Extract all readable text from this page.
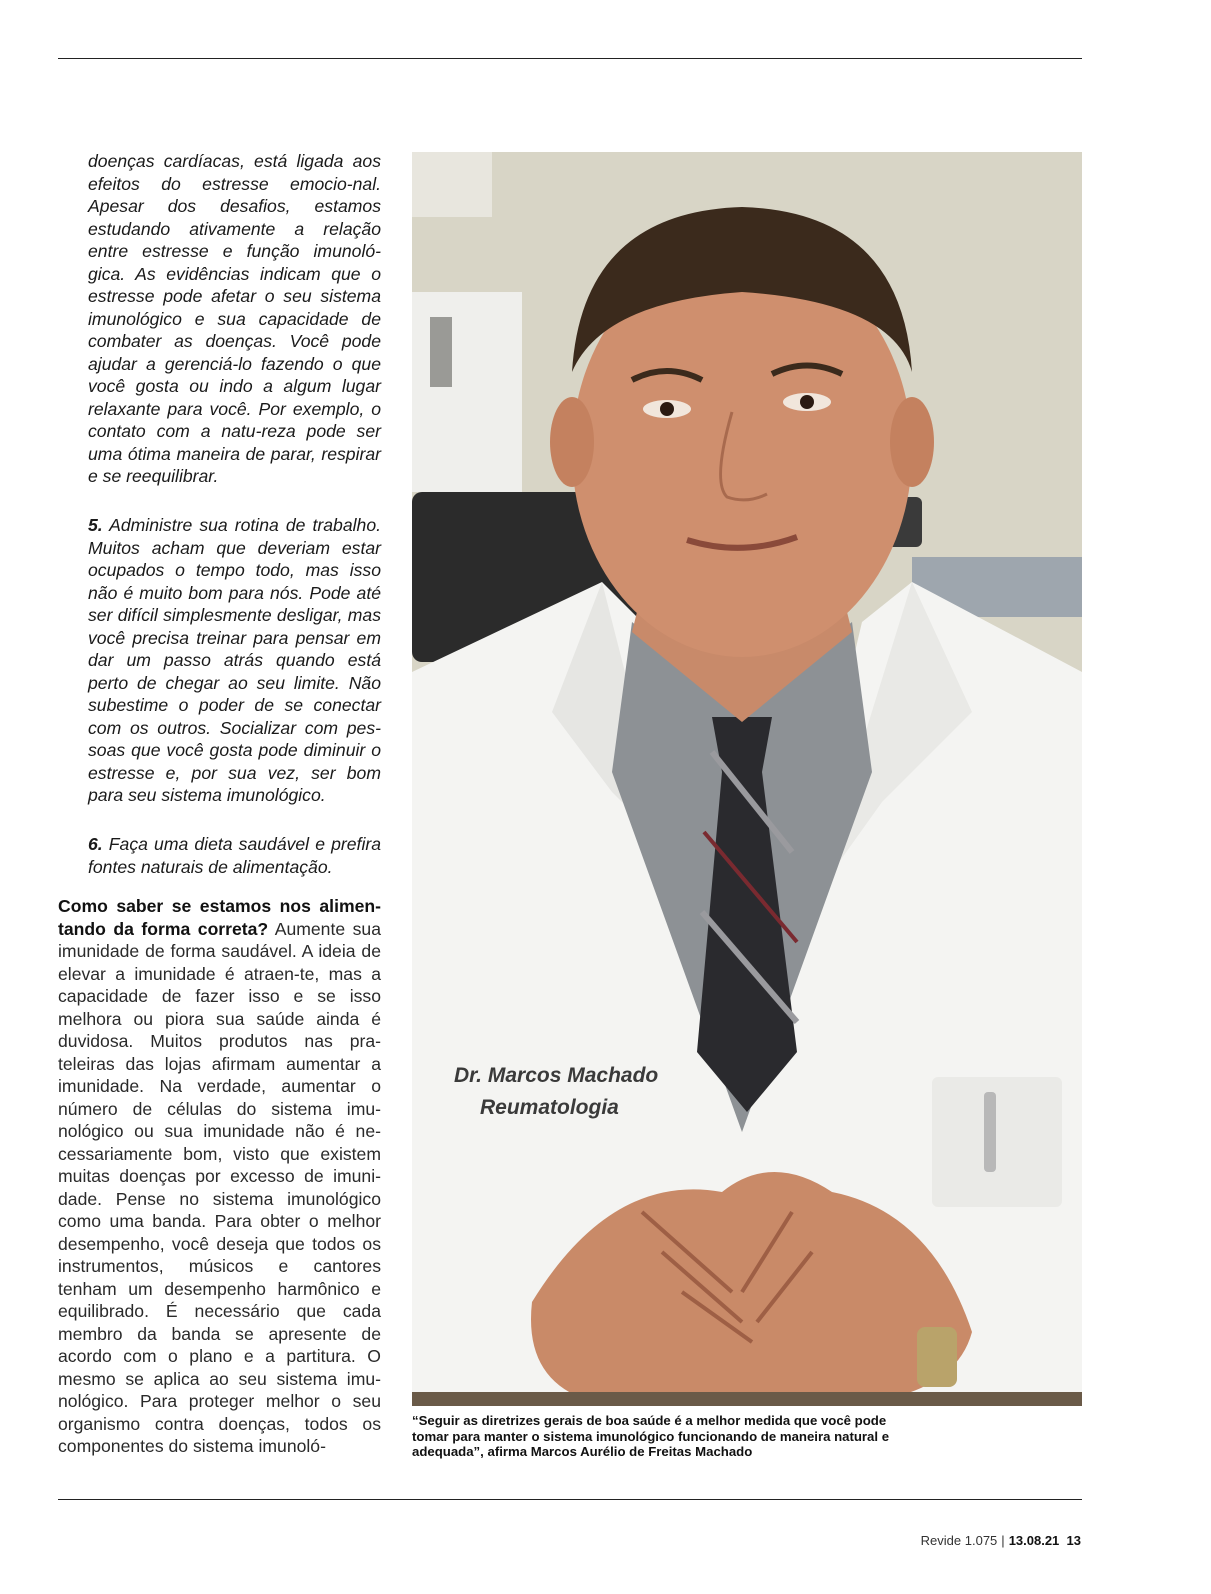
doenças cardíacas, está ligada aos efeitos do estresse emocio-nal. Apesar dos desafios, estamos estudando ativamente a relação entre estresse e função imunoló-gica. As evidências indicam que o estresse pode afetar o seu sistema imunológico e sua capacidade de combater as doenças. Você pode ajudar a gerenciá-lo fazendo o que você gosta ou indo a algum lugar relaxante para você. Por exemplo, o contato com a natu-reza pode ser uma ótima maneira de parar, respirar e se reequilibrar.
5. Administre sua rotina de trabalho. Muitos acham que deveriam estar ocupados o tempo todo, mas isso não é muito bom para nós. Pode até ser difícil simplesmente desligar, mas você precisa treinar para pensar em dar um passo atrás quando está perto de chegar ao seu limite. Não subestime o poder de se conectar com os outros. Socializar com pes-soas que você gosta pode diminuir o estresse e, por sua vez, ser bom para seu sistema imunológico.
6. Faça uma dieta saudável e prefira fontes naturais de alimentação.
Como saber se estamos nos alimen-tando da forma correta? Aumente sua imunidade de forma saudável. A ideia de elevar a imunidade é atraen-te, mas a capacidade de fazer isso e se isso melhora ou piora sua saúde ainda é duvidosa. Muitos produtos nas pra-teleiras das lojas afirmam aumentar a imunidade. Na verdade, aumentar o número de células do sistema imu-nológico ou sua imunidade não é ne-cessariamente bom, visto que existem muitas doenças por excesso de imuni-dade. Pense no sistema imunológico como uma banda. Para obter o melhor desempenho, você deseja que todos os instrumentos, músicos e cantores tenham um desempenho harmônico e equilibrado. É necessário que cada membro da banda se apresente de acordo com o plano e a partitura. O mesmo se aplica ao seu sistema imu-nológico. Para proteger melhor o seu organismo contra doenças, todos os componentes do sistema imunoló-
Dr. Marcos Machado
Reumatologia
“Seguir as diretrizes gerais de boa saúde é a melhor medida que você pode tomar para manter o sistema imunológico funcionando de maneira natural e adequada”, afirma Marcos Aurélio de Freitas Machado
Revide 1.075 | 13.08.21 13
